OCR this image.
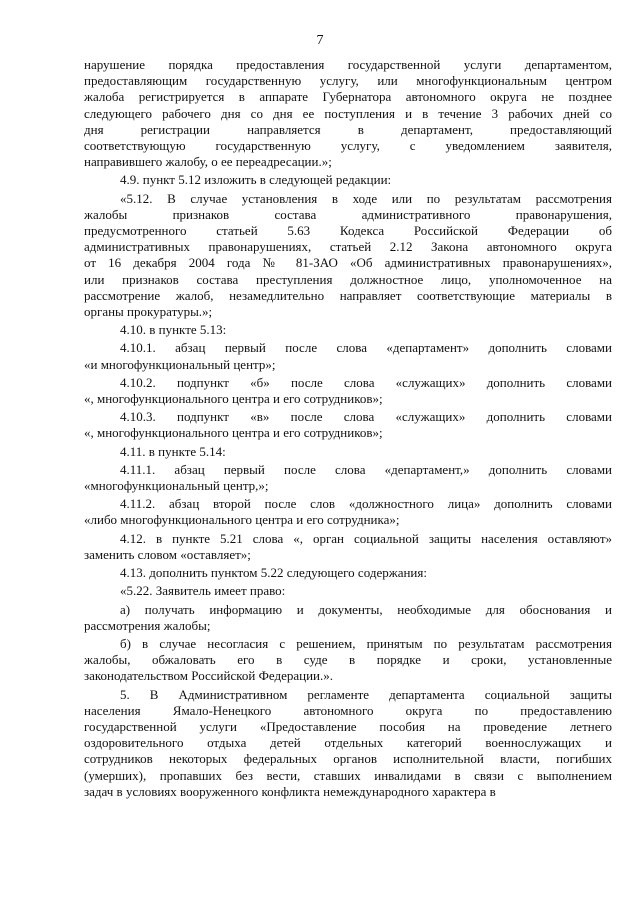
7
нарушение порядка предоставления государственной услуги департаментом,
предоставляющим государственную услугу, или многофункциональным центром
жалоба регистрируется в аппарате Губернатора автономного округа не позднее
следующего рабочего дня со дня ее поступления и в течение 3 рабочих дней со
дня регистрации направляется в департамент, предоставляющий
соответствующую государственную услугу, с уведомлением заявителя,
направившего жалобу, о ее переадресации.»;
4.9. пункт 5.12 изложить в следующей редакции:
«5.12. В случае установления в ходе или по результатам рассмотрения
жалобы признаков состава административного правонарушения,
предусмотренного статьей 5.63 Кодекса Российской Федерации об
административных правонарушениях, статьей 2.12 Закона автономного округа
от 16 декабря 2004 года № 81-ЗАО «Об административных правонарушениях»,
или признаков состава преступления должностное лицо, уполномоченное на
рассмотрение жалоб, незамедлительно направляет соответствующие материалы в
органы прокуратуры.»;
4.10. в пункте 5.13:
4.10.1. абзац первый после слова «департамент» дополнить словами
«и многофункциональный центр»;
4.10.2. подпункт «б» после слова «служащих» дополнить словами
«, многофункционального центра и его сотрудников»;
4.10.3. подпункт «в» после слова «служащих» дополнить словами
«, многофункционального центра и его сотрудников»;
4.11. в пункте 5.14:
4.11.1. абзац первый после слова «департамент,» дополнить словами
«многофункциональный центр,»;
4.11.2. абзац второй после слов «должностного лица» дополнить словами
«либо многофункционального центра и его сотрудника»;
4.12. в пункте 5.21 слова «, орган социальной защиты населения оставляют»
заменить словом «оставляет»;
4.13. дополнить пунктом 5.22 следующего содержания:
«5.22. Заявитель имеет право:
а) получать информацию и документы, необходимые для обоснования и
рассмотрения жалобы;
б) в случае несогласия с решением, принятым по результатам рассмотрения
жалобы, обжаловать его в суде в порядке и сроки, установленные
законодательством Российской Федерации.».
5. В Административном регламенте департамента социальной защиты
населения Ямало-Ненецкого автономного округа по предоставлению
государственной услуги «Предоставление пособия на проведение летнего
оздоровительного отдыха детей отдельных категорий военнослужащих и
сотрудников некоторых федеральных органов исполнительной власти, погибших
(умерших), пропавших без вести, ставших инвалидами в связи с выполнением
задач в условиях вооруженного конфликта немеждународного характера в
